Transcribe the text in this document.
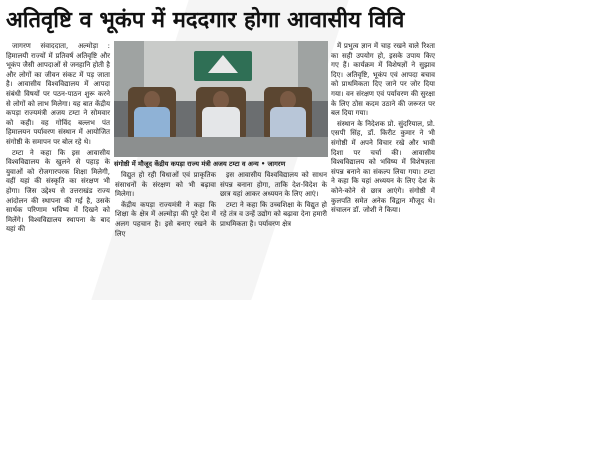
अतिवृष्टि व भूकंप में मददगार होगा आवासीय विवि

जागरण संवाददाता, अल्मोड़ा : हिमालयी राज्यों में प्रतिवर्ष अतिवृष्टि और भूकंप जैसी आपदाओं से जनहानि होती है और लोगों का जीवन संकट में पड़ जाता है। आवासीय विश्वविद्यालय में आपदा संबंधी विषयों पर पठन-पाठन शुरू करने से लोगों को लाभ मिलेगा। यह बात केंद्रीय कपड़ा राज्यमंत्री अजय टम्टा ने सोमवार को कही। वह गोविंद बल्लभ पंत हिमालयन पर्यावरण संस्थान में आयोजित संगोष्ठी के समापन पर बोल रहे थे।

टम्टा ने कहा कि इस आवासीय विश्वविद्यालय के खुलने से पहाड़ के युवाओं को रोजगारपरक शिक्षा मिलेगी, वहीं यहां की संस्कृति का संरक्षण भी होगा। जिस उद्देश्य से उत्तराखंड राज्य आंदोलन की स्थापना की गई है, उसके सार्थक परिणाम भविष्य में दिखने को मिलेंगे। विश्वविद्यालय स्थापना के बाद यहां की

संगोष्ठी में मौजूद केंद्रीय कपड़ा राज्य मंत्री अजय टम्टा व अन्य • जागरण

विद्युत हो रही विधाओं एवं प्राकृतिक संसाधनों के संरक्षण को भी बढ़ावा मिलेगा।

केंद्रीय कपड़ा राज्यमंत्री ने कहा कि शिक्षा के क्षेत्र में अल्मोड़ा की पूरे देश में अलग पहचान है। इसे बनाए रखने के लिए

इस आवासीय विश्वविद्यालय को साधन संपन्न बनाना होगा, ताकि देश-विदेश के छात्र यहां आकर अध्ययन के लिए आएं।

टम्टा ने कहा कि उच्चशिक्षा के विद्युत हो रहे तंत्र व उन्हें उद्योग को बढ़ावा देना हमारी प्राथमिकता है। पर्यावरण क्षेत्र

में प्रभुत्व ज्ञान में चाह रखने वाले रिश्ता का सही उपयोग हो, इसके उपाय किए गए हैं। कार्यक्रम में विशेषज्ञों ने सुझाव दिए। अतिवृष्टि, भूकंप एवं आपदा बचाव को प्राथमिकता दिए जाने पर जोर दिया गया। वन संरक्षण एवं पर्यावरण की सुरक्षा के लिए ठोस कदम उठाने की जरूरत पर बल दिया गया।

संस्थान के निदेशक प्रो. सुंदरियाल, प्रो. एसपी सिंह, डॉ. किरीट कुमार ने भी संगोष्ठी में अपने विचार रखे और भावी दिशा पर चर्चा की। आवासीय विश्वविद्यालय को भविष्य में विशेषज्ञता संपन्न बनाने का संकल्प लिया गया। टम्टा ने कहा कि यहां अध्ययन के लिए देश के कोने-कोने से छात्र आएंगे। संगोष्ठी में कुलपति समेत अनेक विद्वान मौजूद थे। संचालन डॉ. जोशी ने किया।
